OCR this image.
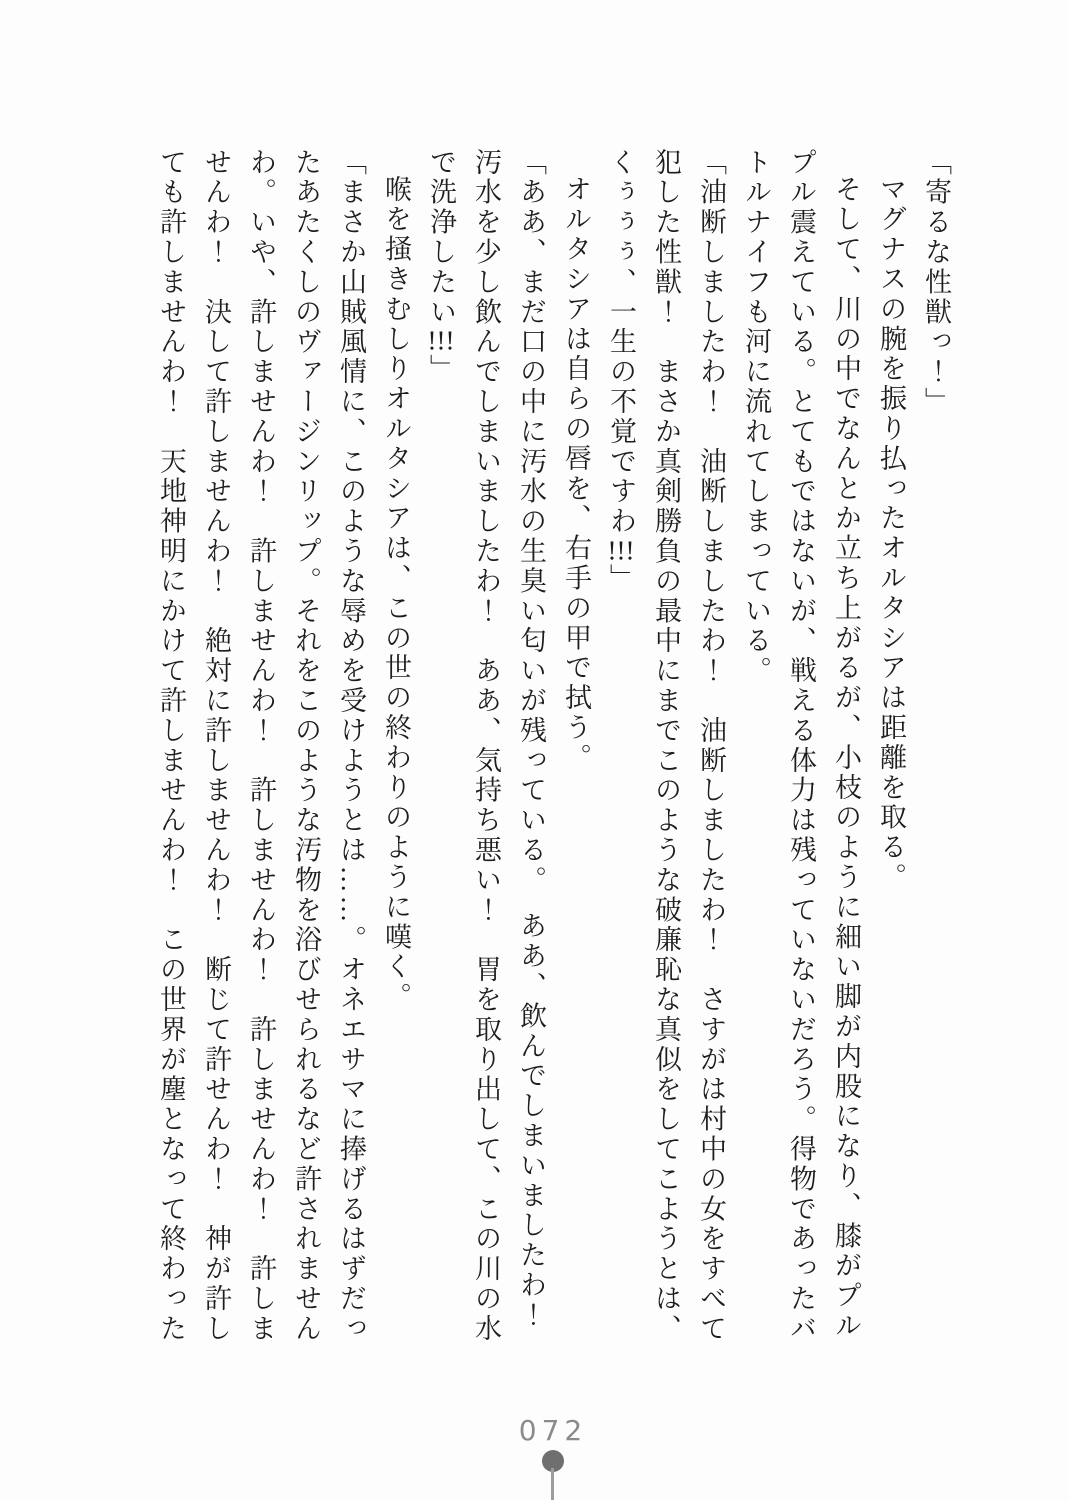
「寄るな性獣っ！」

マグナスの腕を振り払ったオルタシアは距離を取る。

そして、川の中でなんとか立ち上がるが、小枝のように細い脚が内股になり、膝がプルプル震えている。とてもではないが、戦える体力は残っていないだろう。得物であったバトルナイフも河に流れてしまっている。

「油断しましたわ！　油断しましたわ！　油断しましたわ！　さすがは村中の女をすべて犯した性獣！　まさか真剣勝負の最中にまでこのような破廉恥な真似をしてこようとは、くぅぅぅ、一生の不覚ですわ!!!」

オルタシアは自らの唇を、右手の甲で拭う。

「ああ、まだ口の中に汚水の生臭い匂いが残っている。　ああ、飲んでしまいましたわ！　汚水を少し飲んでしまいましたわ！　ああ、気持ち悪い！　胃を取り出して、この川の水で洗浄したい!!!」

喉を掻きむしりオルタシアは、この世の終わりのように嘆く。

「まさか山賊風情に、このような辱めを受けようとは……。オネエサマに捧げるはずだったあたくしのヴァージンリップ。それをこのような汚物を浴びせられるなど許されませんわ。いや、許しませんわ！　許しませんわ！　許しませんわ！　許しませんわ！　許しませんわ！　決して許しませんわ！　絶対に許しませんわ！　断じて許せんわ！　神が許しても許しませんわ！　天地神明にかけて許しませんわ！　この世界が塵となって終わった

072
